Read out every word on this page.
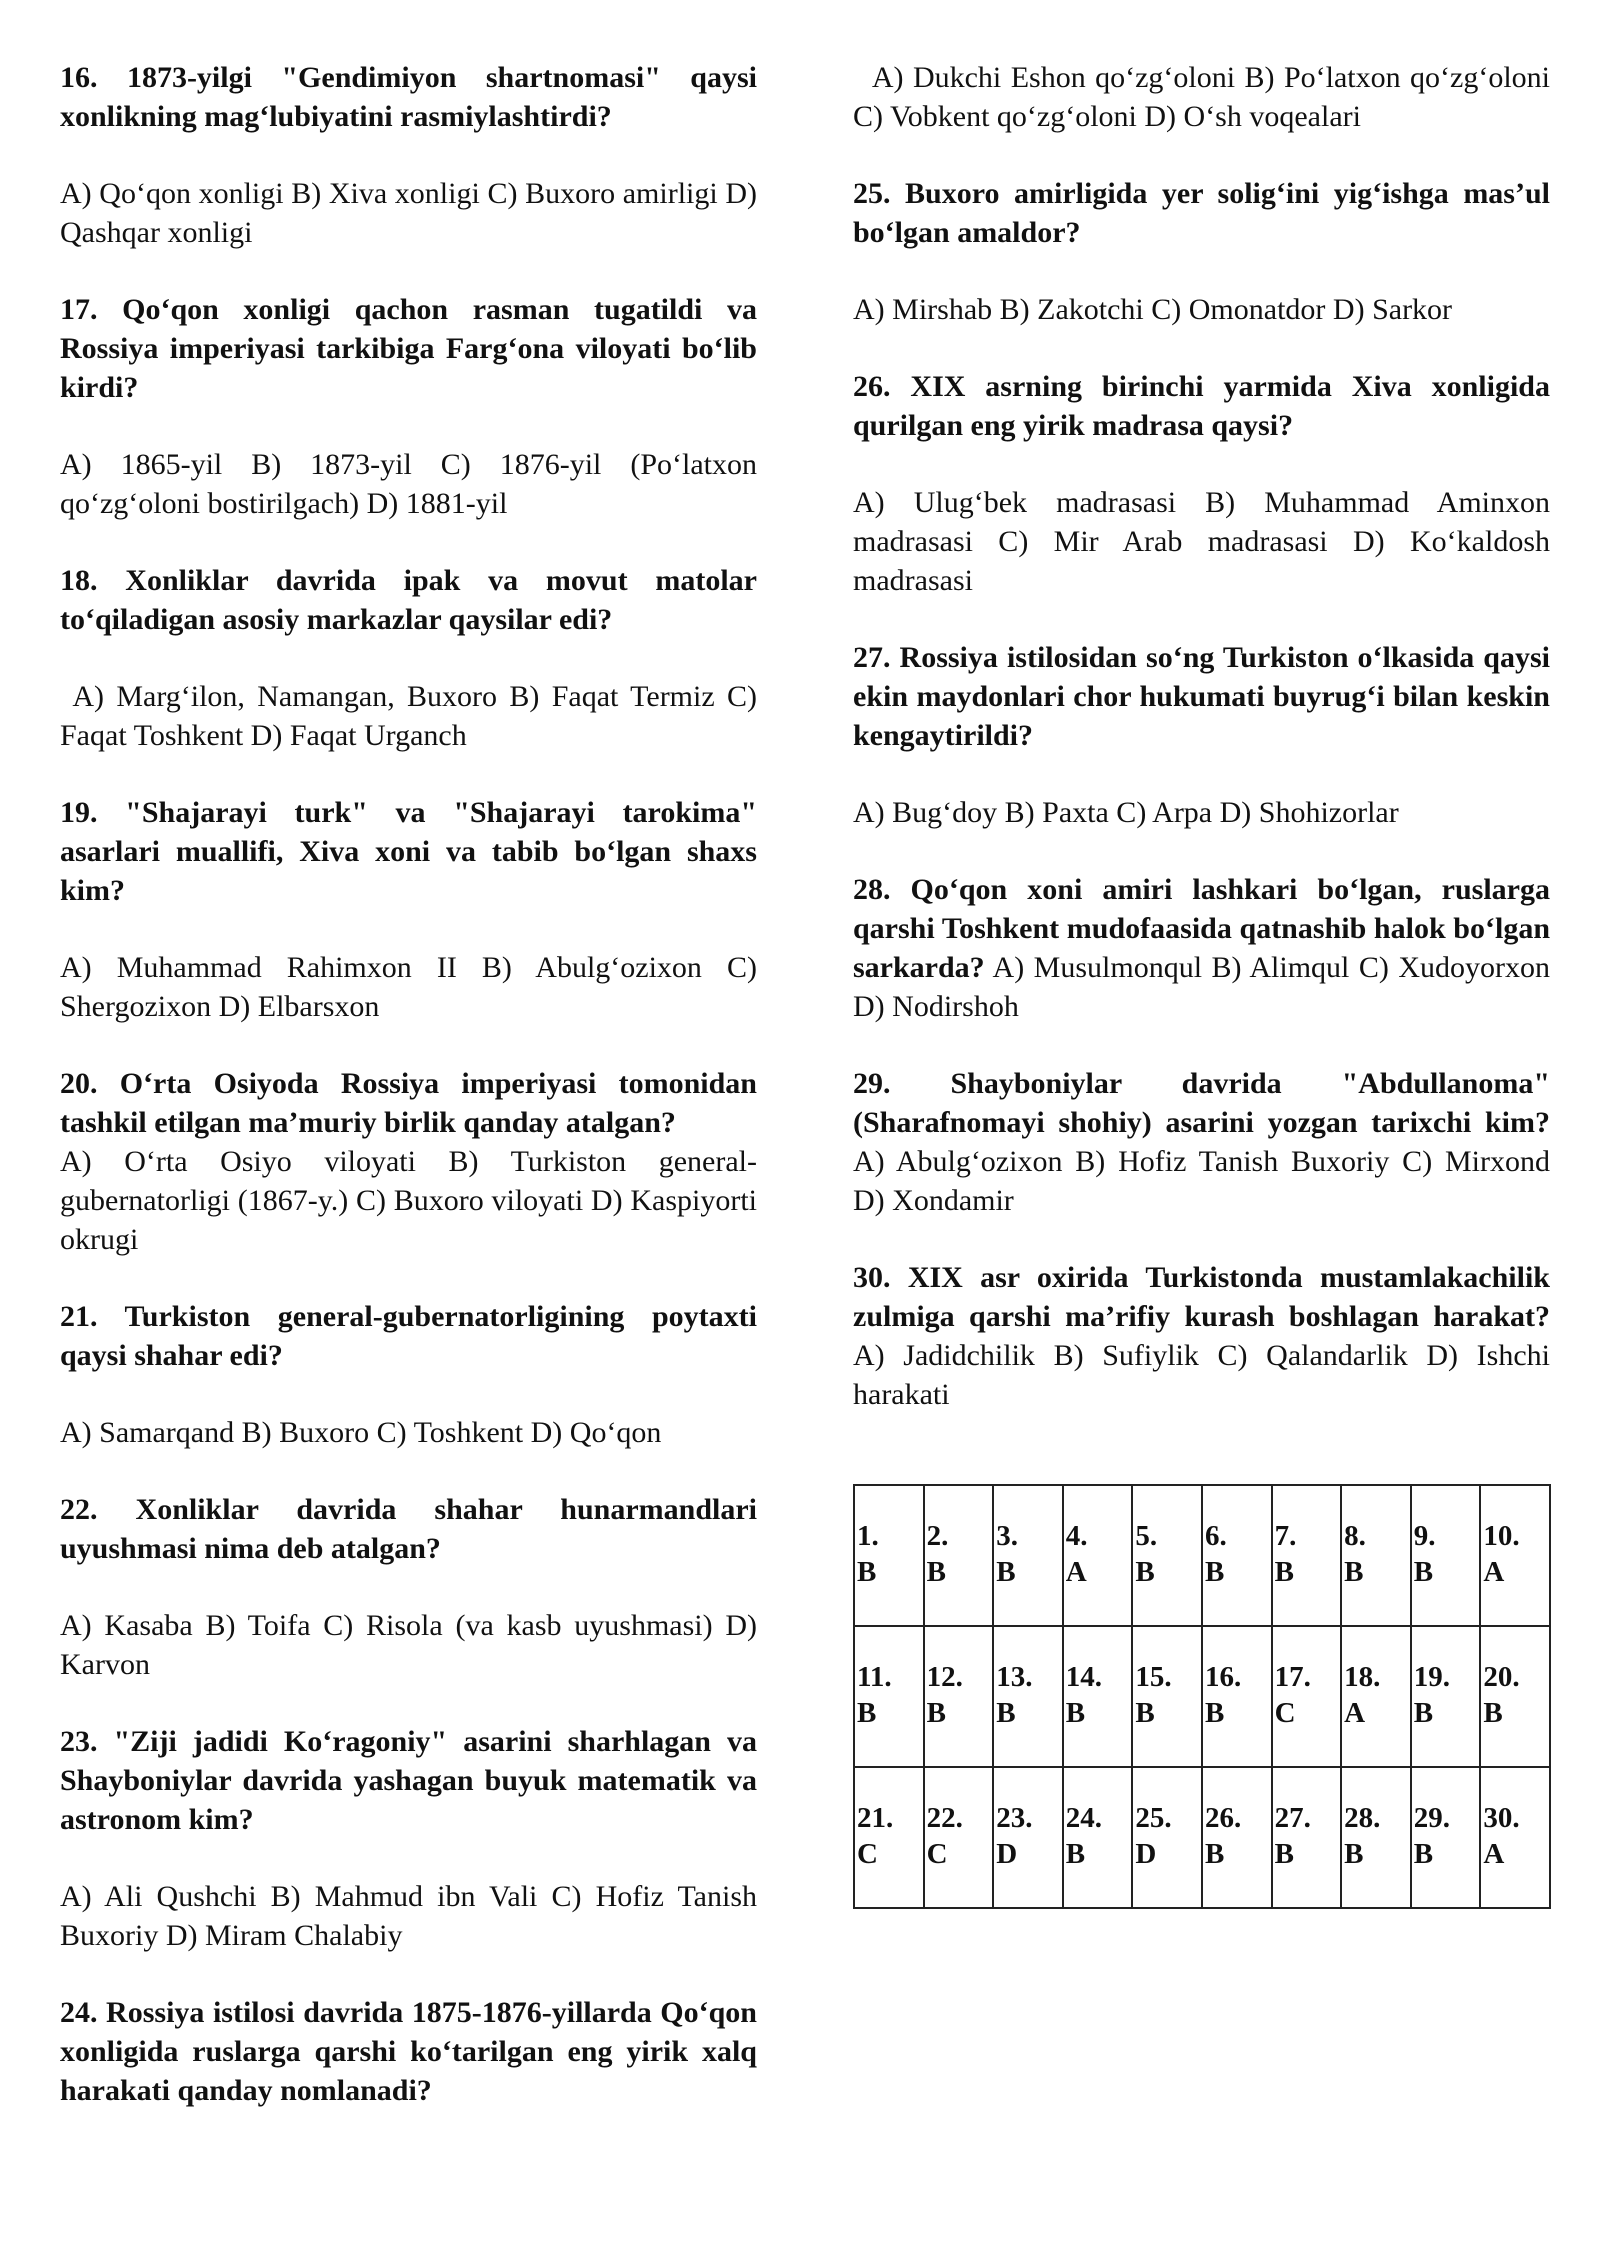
16. 1873-yilgi "Gendimiyon shartnomasi" qaysi xonlikning mag‘lubiyatini rasmiylashtirdi?

A) Qo‘qon xonligi B) Xiva xonligi C) Buxoro amirligi D) Qashqar xonligi

17. Qo‘qon xonligi qachon rasman tugatildi va Rossiya imperiyasi tarkibiga Farg‘ona viloyati bo‘lib kirdi?

A) 1865-yil B) 1873-yil C) 1876-yil (Po‘latxon qo‘zg‘oloni bostirilgach) D) 1881-yil

18. Xonliklar davrida ipak va movut matolar to‘qiladigan asosiy markazlar qaysilar edi?

A) Marg‘ilon, Namangan, Buxoro B) Faqat Termiz C) Faqat Toshkent D) Faqat Urganch

19. "Shajarayi turk" va "Shajarayi tarokima" asarlari muallifi, Xiva xoni va tabib bo‘lgan shaxs kim?

A) Muhammad Rahimxon II B) Abulg‘ozixon C) Shergozixon D) Elbarsxon

20. O‘rta Osiyoda Rossiya imperiyasi tomonidan tashkil etilgan ma’muriy birlik qanday atalgan?

A) O‘rta Osiyo viloyati B) Turkiston general-gubernatorligi (1867-y.) C) Buxoro viloyati D) Kaspiyorti okrugi

21. Turkiston general-gubernatorligining poytaxti qaysi shahar edi?

A) Samarqand B) Buxoro C) Toshkent D) Qo‘qon

22. Xonliklar davrida shahar hunarmandlari uyushmasi nima deb atalgan?

A) Kasaba B) Toifa C) Risola (va kasb uyushmasi) D) Karvon

23. "Ziji jadidi Ko‘ragoniy" asarini sharhlagan va Shayboniylar davrida yashagan buyuk matematik va astronom kim?

A) Ali Qushchi B) Mahmud ibn Vali C) Hofiz Tanish Buxoriy D) Miram Chalabiy

24. Rossiya istilosi davrida 1875-1876-yillarda Qo‘qon xonligida ruslarga qarshi ko‘tarilgan eng yirik xalq harakati qanday nomlanadi?

A) Dukchi Eshon qo‘zg‘oloni B) Po‘latxon qo‘zg‘oloni C) Vobkent qo‘zg‘oloni D) O‘sh voqealari

25. Buxoro amirligida yer solig‘ini yig‘ishga mas’ul bo‘lgan amaldor?

A) Mirshab B) Zakotchi C) Omonatdor D) Sarkor

26. XIX asrning birinchi yarmida Xiva xonligida qurilgan eng yirik madrasa qaysi?

A) Ulug‘bek madrasasi B) Muhammad Aminxon madrasasi C) Mir Arab madrasasi D) Ko‘kaldosh madrasasi

27. Rossiya istilosidan so‘ng Turkiston o‘lkasida qaysi ekin maydonlari chor hukumati buyrug‘i bilan keskin kengaytirildi?

A) Bug‘doy B) Paxta C) Arpa D) Shohizorlar

28. Qo‘qon xoni amiri lashkari bo‘lgan, ruslarga qarshi Toshkent mudofaasida qatnashib halok bo‘lgan sarkarda? A) Musulmonqul B) Alimqul C) Xudoyorxon D) Nodirshoh

29. Shayboniylar davrida "Abdullanoma" (Sharafnomayi shohiy) asarini yozgan tarixchi kim? A) Abulg‘ozixon B) Hofiz Tanish Buxoriy C) Mirxond D) Xondamir

30. XIX asr oxirida Turkistonda mustamlakachilik zulmiga qarshi ma’rifiy kurash boshlagan harakat? A) Jadidchilik B) Sufiylik C) Qalandarlik D) Ishchi harakati

1.
B	2.
B	3.
B	4.
A	5.
B	6.
B	7.
B	8.
B	9.
B	10.
A

11.
B	12.
B	13.
B	14.
B	15.
B	16.
B	17.
C	18.
A	19.
B	20.
B

21.
C	22.
C	23.
D	24.
B	25.
D	26.
B	27.
B	28.
B	29.
B	30.
A
